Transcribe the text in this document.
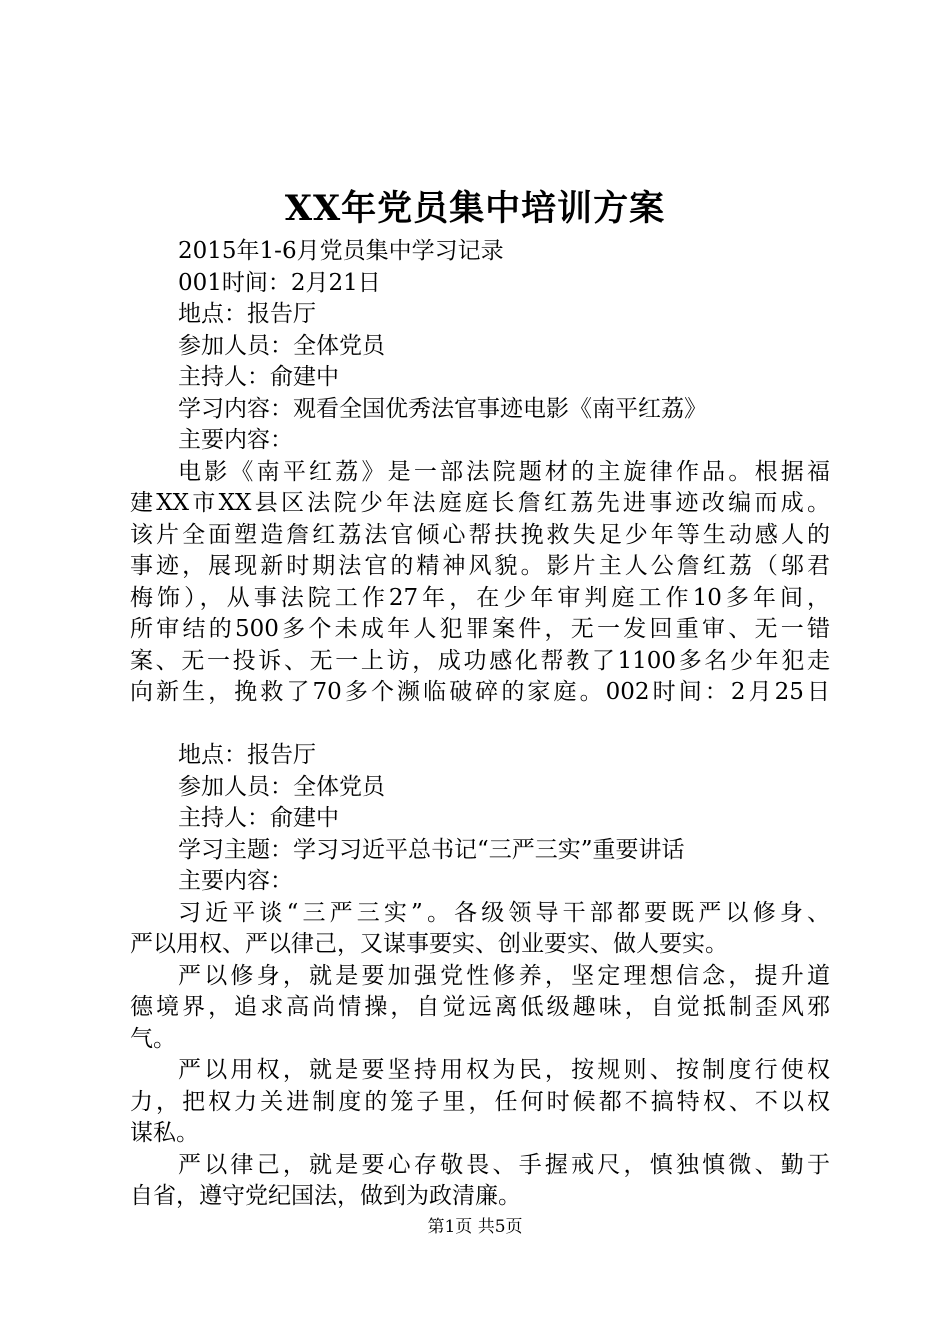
XX年党员集中培训方案
2015年1-6月党员集中学习记录
001时间：2月21日
地点：报告厅
参加人员：全体党员
主持人：俞建中
学习内容：观看全国优秀法官事迹电影《南平红荔》
主要内容：
电影《南平红荔》是一部法院题材的主旋律作品。根据福
建XX市XX县区法院少年法庭庭长詹红荔先进事迹改编而成。
该片全面塑造詹红荔法官倾心帮扶挽救失足少年等生动感人的
事迹，展现新时期法官的精神风貌。影片主人公詹红荔（邬君
梅饰），从事法院工作27年，在少年审判庭工作10多年间，
所审结的500多个未成年人犯罪案件，无一发回重审、无一错
案、无一投诉、无一上访，成功感化帮教了1100多名少年犯走
向新生，挽救了70多个濒临破碎的家庭。002时间：2月25日
地点：报告厅
参加人员：全体党员
主持人：俞建中
学习主题：学习习近平总书记“三严三实”重要讲话
主要内容：
习近平谈“三严三实”。各级领导干部都要既严以修身、
严以用权、严以律己，又谋事要实、创业要实、做人要实。
严以修身，就是要加强党性修养，坚定理想信念，提升道
德境界，追求高尚情操，自觉远离低级趣味，自觉抵制歪风邪
气。
严以用权，就是要坚持用权为民，按规则、按制度行使权
力，把权力关进制度的笼子里，任何时候都不搞特权、不以权
谋私。
严以律己，就是要心存敬畏、手握戒尺，慎独慎微、勤于
自省，遵守党纪国法，做到为政清廉。
第1页 共5页
